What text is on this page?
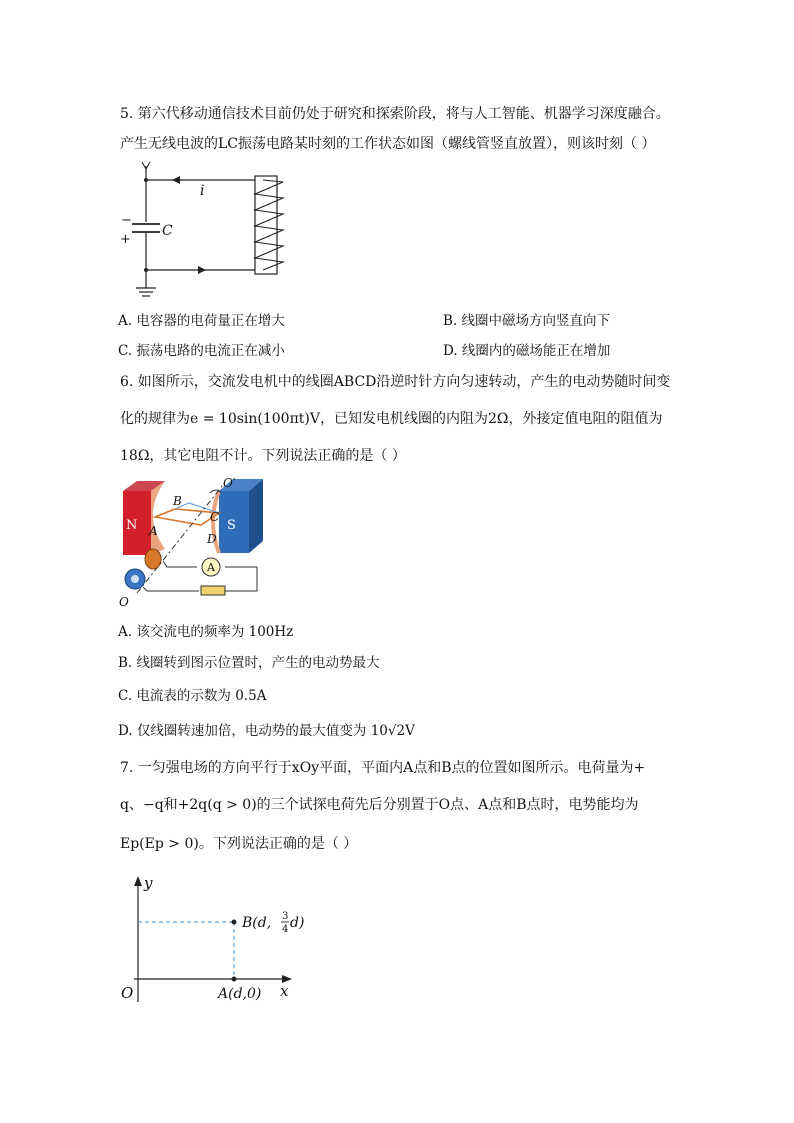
5. 第六代移动通信技术目前仍处于研究和探索阶段，将与人工智能、机器学习深度融合。
产生无线电波的LC振荡电路某时刻的工作状态如图（螺线管竖直放置），则该时刻（ ）
i
−
+
C
A. 电容器的电荷量正在增大	B. 线圈中磁场方向竖直向下
C. 振荡电路的电流正在减小	D. 线圈内的磁场能正在增加
6. 如图所示，交流发电机中的线圈ABCD沿逆时针方向匀速转动，产生的电动势随时间变
化的规律为e = 10sin(100πt)V，已知发电机线圈的内阻为2Ω，外接定值电阻的阻值为
18Ω，其它电阻不计。下列说法正确的是（ ）
N	S
O′
B
A
C
D
A
O
A. 该交流电的频率为 100Hz
B. 线圈转到图示位置时，产生的电动势最大
C. 电流表的示数为 0.5A
D. 仅线圈转速加倍，电动势的最大值变为 10√2V
7. 一匀强电场的方向平行于xOy平面，平面内A点和B点的位置如图所示。电荷量为+
q、−q和+2q(q > 0)的三个试探电荷先后分别置于O点、A点和B点时，电势能均为
Ep(Ep > 0)。下列说法正确的是（ ）
y
x
O
B(d, 3
4 d)
A(d,0)
